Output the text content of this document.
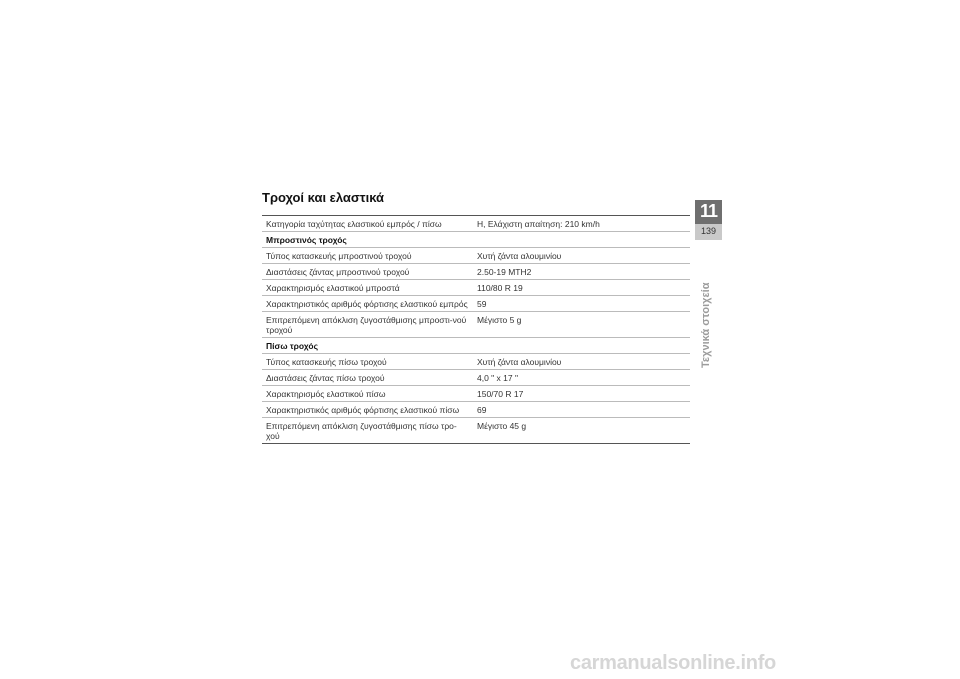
Τροχοί και ελαστικά
Κατηγορία ταχύτητας ελαστικού εμπρός / πίσω	H, Ελάχιστη απαίτηση: 210 km/h
Μπροστινός τροχός	
Τύπος κατασκευής μπροστινού τροχού	Χυτή ζάντα αλουμινίου
Διαστάσεις ζάντας μπροστινού τροχού	2.50-19 MTH2
Χαρακτηρισμός ελαστικού μπροστά	110/80 R 19
Χαρακτηριστικός αριθμός φόρτισης ελαστικού εμπρός	59
Επιτρεπόμενη απόκλιση ζυγοστάθμισης μπροστι-νού τροχού	Μέγιστο 5 g
Πίσω τροχός	
Τύπος κατασκευής πίσω τροχού	Χυτή ζάντα αλουμινίου
Διαστάσεις ζάντας πίσω τροχού	4,0 " x 17 "
Χαρακτηρισμός ελαστικού πίσω	150/70 R 17
Χαρακτηριστικός αριθμός φόρτισης ελαστικού πίσω	69
Επιτρεπόμενη απόκλιση ζυγοστάθμισης πίσω τρο-χού	Μέγιστο 45 g
11
139
Τεχνικά στοιχεία
carmanualsonline.info
